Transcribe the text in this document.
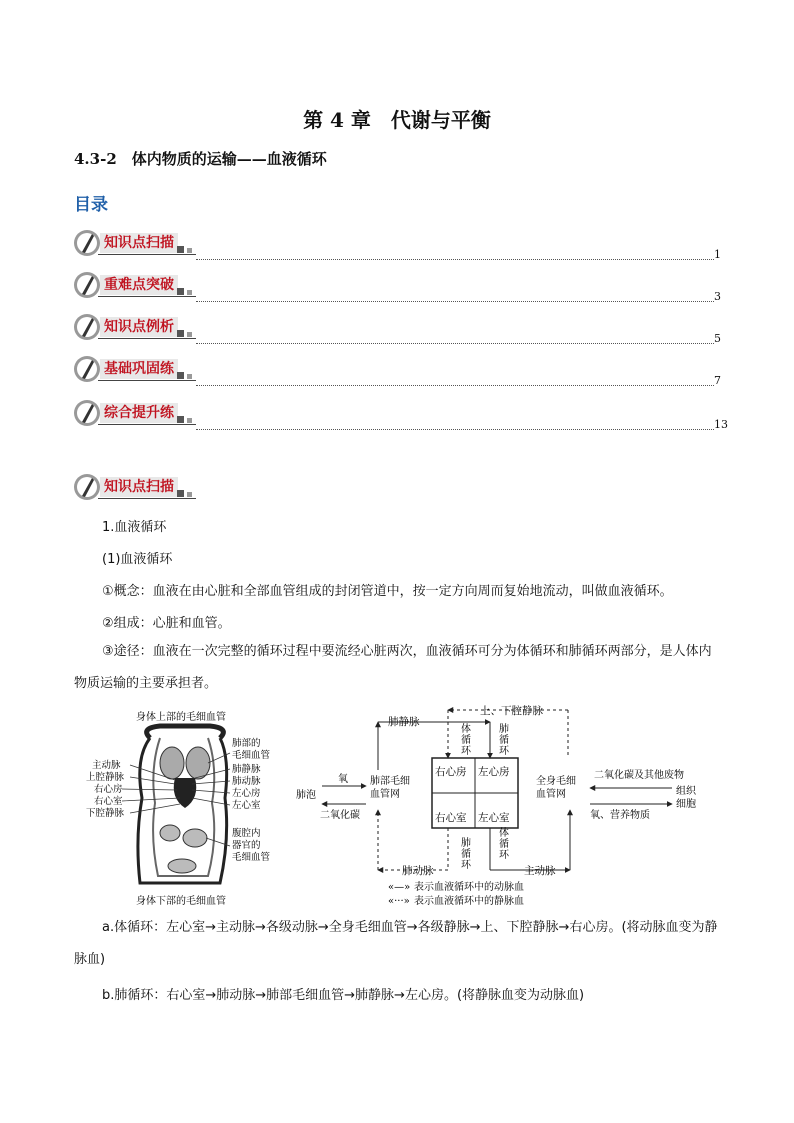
第 4 章　代谢与平衡
4.3-2　体内物质的运输——血液循环
目录
知识点扫描
1
重难点突破
3
知识点例析
5
基础巩固练
7
综合提升练
13
知识点扫描
1.血液循环
(1)血液循环
①概念：血液在由心脏和全部血管组成的封闭管道中，按一定方向周而复始地流动，叫做血液循环。
②组成：心脏和血管。
③途径：血液在一次完整的循环过程中要流经心脏两次，血液循环可分为体循环和肺循环两部分，是人体内物质运输的主要承担者。
身体上部的毛细血管
身体下部的毛细血管
主动脉
上腔静脉
右心房
右心室
下腔静脉
肺部的
毛细血管
肺静脉
肺动脉
左心房
左心室
腹腔内
器官的
毛细血管
右心房 左心房
右心室 左心室
上、下腔静脉
肺静脉
体
循
环
肺
循
环
肺
循
环
体
循
环
肺动脉	主动脉
肺部毛细
血管网
氧
肺泡
二氧化碳
全身毛细
血管网
二氧化碳及其他废物
组织
细胞
氧、营养物质
«—» 表示血液循环中的动脉血
«···» 表示血液循环中的静脉血
a.体循环：左心室→主动脉→各级动脉→全身毛细血管→各级静脉→上、下腔静脉→右心房。(将动脉血变为静脉血)
b.肺循环：右心室→肺动脉→肺部毛细血管→肺静脉→左心房。(将静脉血变为动脉血)
